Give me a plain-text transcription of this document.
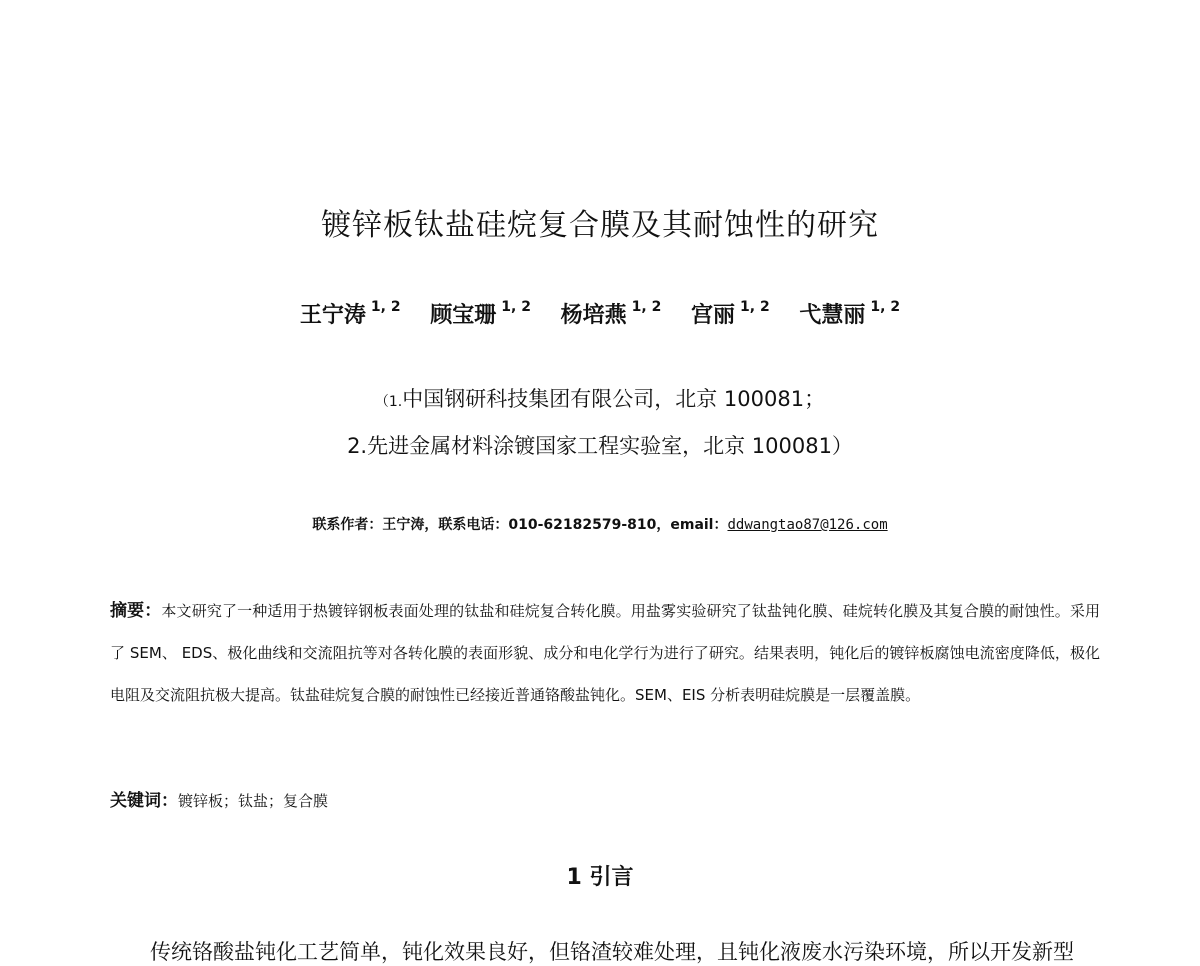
镀锌板钛盐硅烷复合膜及其耐蚀性的研究
王宁涛 $^{1, 2}$ 顾宝珊 $^{1, 2}$ 杨培燕 $^{1, 2}$ 宫丽 $^{1, 2}$ 弋慧丽 $^{1, 2}$
（1.中国钢研科技集团有限公司，北京 100081；
2.先进金属材料涂镀国家工程实验室，北京 100081）
联系作者：王宁涛，联系电话：010-62182579-810，email：ddwangtao87@126.com
摘要：本文研究了一种适用于热镀锌钢板表面处理的钛盐和硅烷复合转化膜。用盐雾实验研究了钛盐钝化膜、硅烷转化膜及其复合膜的耐蚀性。采用了 SEM、 EDS、极化曲线和交流阻抗等对各转化膜的表面形貌、成分和电化学行为进行了研究。结果表明，钝化后的镀锌板腐蚀电流密度降低，极化电阻及交流阻抗极大提高。钛盐硅烷复合膜的耐蚀性已经接近普通铬酸盐钝化。SEM、EIS 分析表明硅烷膜是一层覆盖膜。
关键词：镀锌板；钛盐；复合膜
1 引言
传统铬酸盐钝化工艺简单，钝化效果良好，但铬渣较难处理，且钝化液废水污染环境，所以开发新型
